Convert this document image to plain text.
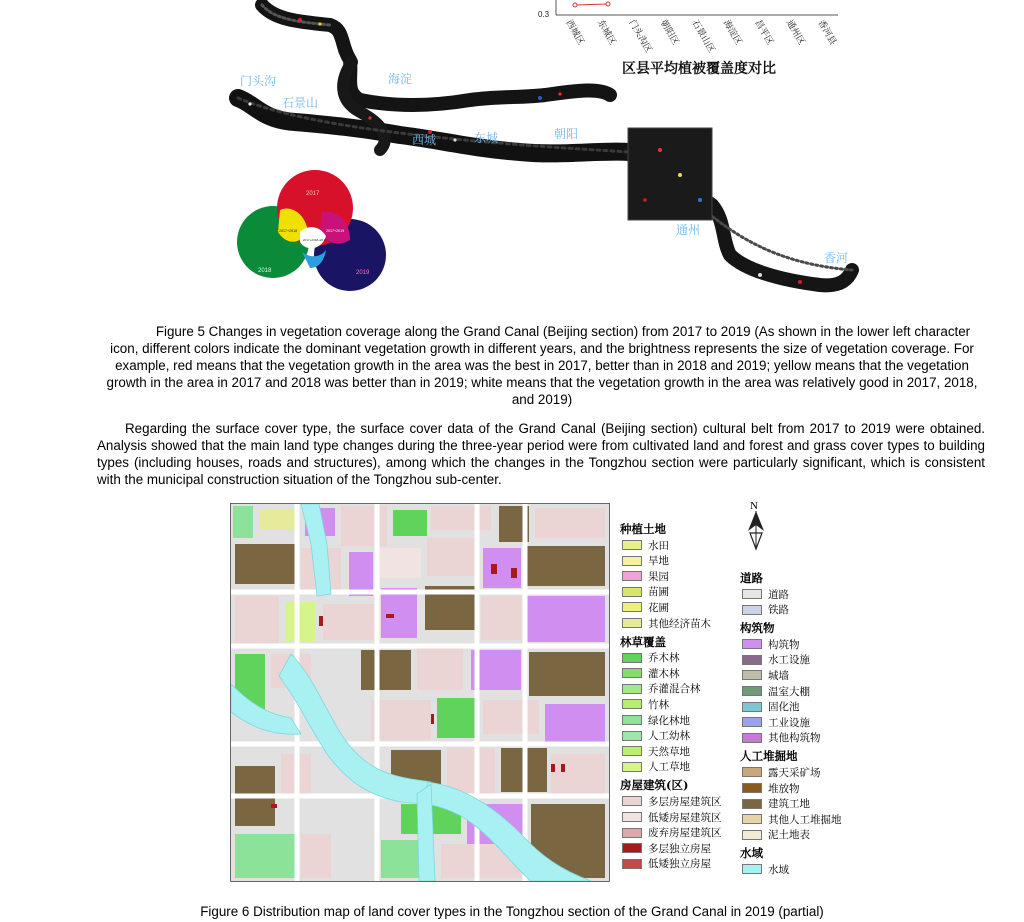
门头沟
石景山
海淀
西城	东城	朝阳
通州
香河
0.3
西城区 东城区 门头沟区 朝阳区 石景山区 海淀区 昌平区 通州区 香河县
区县平均植被覆盖度对比
2017
2018	2019
2017+2018	2017+2019
2017+2018+2019
Figure 5 Changes in vegetation coverage along the Grand Canal (Beijing section) from 2017 to 2019 (As shown in the lower left character icon, different colors indicate the dominant vegetation growth in different years, and the brightness represents the size of vegetation coverage. For example, red means that the vegetation growth in the area was the best in 2017, better than in 2018 and 2019; yellow means that the vegetation growth in the area in 2017 and 2018 was better than in 2019; white means that the vegetation growth in the area was relatively good in 2017, 2018, and 2019)
Regarding the surface cover type, the surface cover data of the Grand Canal (Beijing section) cultural belt from 2017 to 2019 were obtained. Analysis showed that the main land type changes during the three-year period were from cultivated land and forest and grass cover types to building types (including houses, roads and structures), among which the changes in the Tongzhou section were particularly significant, which is consistent with the municipal construction situation of the Tongzhou sub-center.
N
种植土地
水田
旱地
果园
苗圃
花圃
其他经济苗木
林草覆盖
乔木林
灌木林
乔灌混合林
竹林
绿化林地
人工幼林
天然草地
人工草地
房屋建筑(区)
多层房屋建筑区
低矮房屋建筑区
废弃房屋建筑区
多层独立房屋
低矮独立房屋
道路
道路
铁路
构筑物
构筑物
水工设施
城墙
温室大棚
固化池
工业设施
其他构筑物
人工堆掘地
露天采矿场
堆放物
建筑工地
其他人工堆掘地
泥土地表
水域
水域
Figure 6 Distribution map of land cover types in the Tongzhou section of the Grand Canal in 2019 (partial)
